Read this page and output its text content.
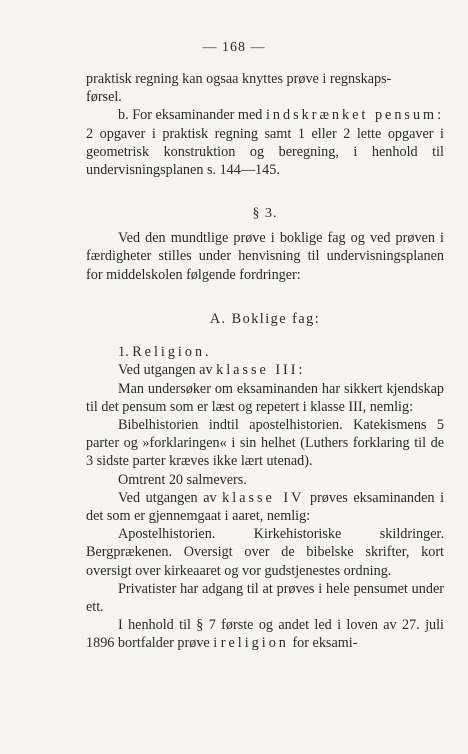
— 168 —

praktisk regning kan ogsaa knyttes prøve i regnskaps-
førsel.

b. For eksaminander med indskrænket pensum: 2 opgaver i praktisk regning samt 1 eller 2 lette opgaver i geometrisk konstruktion og beregning, i henhold til undervisningsplanen s. 144—145.

§ 3.

Ved den mundtlige prøve i boklige fag og ved prøven i færdigheter stilles under henvisning til undervisningsplanen for middelskolen følgende fordringer:

A. Boklige fag:

1. Religion.

Ved utgangen av klasse III:

Man undersøker om eksaminanden har sikkert kjendskap til det pensum som er læst og repetert i klasse III, nemlig:

Bibelhistorien indtil apostelhistorien. Katekismens 5 parter og »forklaringen« i sin helhet (Luthers forklaring til de 3 sidste parter kræves ikke lært utenad).

Omtrent 20 salmevers.

Ved utgangen av klasse IV prøves eksaminanden i det som er gjennemgaat i aaret, nemlig:

Apostelhistorien. Kirkehistoriske skildringer. Bergprækenen. Oversigt over de bibelske skrifter, kort oversigt over kirkeaaret og vor gudstjenestes ordning.

Privatister har adgang til at prøves i hele pensumet under ett.

I henhold til § 7 første og andet led i loven av 27. juli 1896 bortfalder prøve i religion for eksami-
